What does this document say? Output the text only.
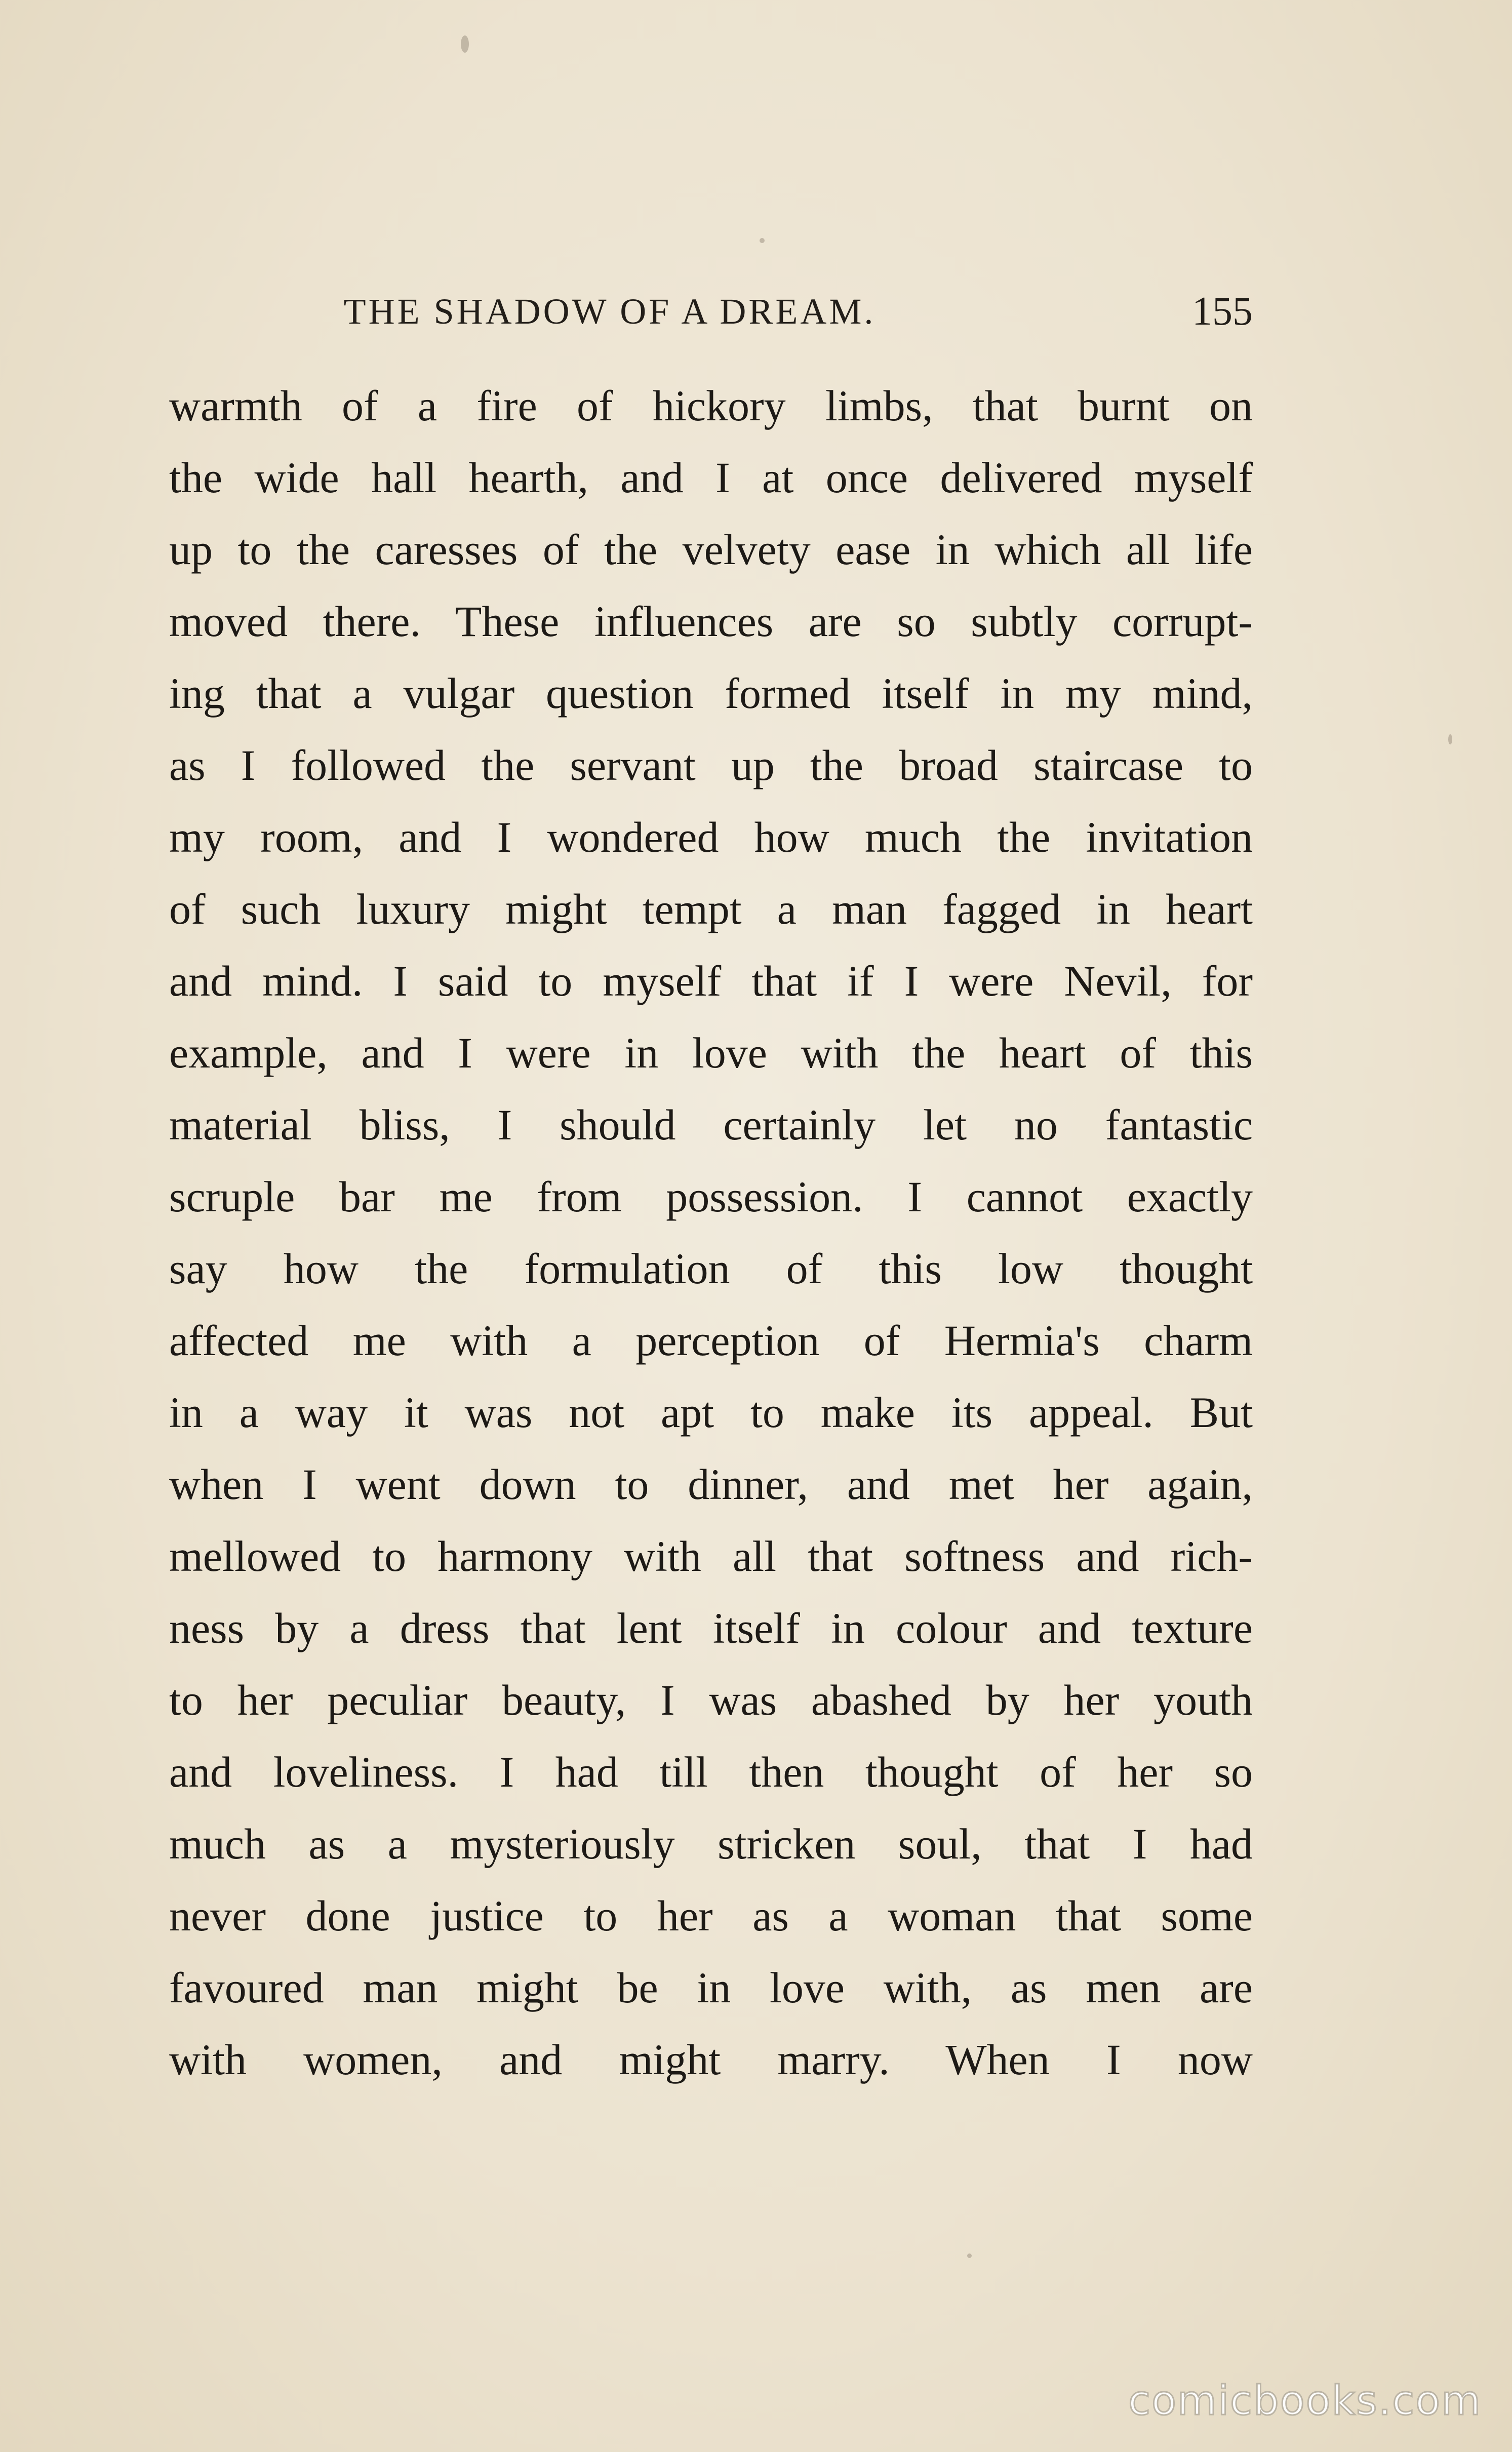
THE SHADOW OF A DREAM.	155
warmth of a fire of hickory limbs, that burnt on
the wide hall hearth, and I at once delivered myself
up to the caresses of the velvety ease in which all life
moved there. These influences are so subtly corrupt-
ing that a vulgar question formed itself in my mind,
as I followed the servant up the broad staircase to
my room, and I wondered how much the invitation
of such luxury might tempt a man fagged in heart
and mind. I said to myself that if I were Nevil, for
example, and I were in love with the heart of this
material bliss, I should certainly let no fantastic
scruple bar me from possession. I cannot exactly
say how the formulation of this low thought
affected me with a perception of Hermia's charm
in a way it was not apt to make its appeal. But
when I went down to dinner, and met her again,
mellowed to harmony with all that softness and rich-
ness by a dress that lent itself in colour and texture
to her peculiar beauty, I was abashed by her youth
and loveliness. I had till then thought of her so
much as a mysteriously stricken soul, that I had
never done justice to her as a woman that some
favoured man might be in love with, as men are
with women, and might marry. When I now
comicbooks.com
